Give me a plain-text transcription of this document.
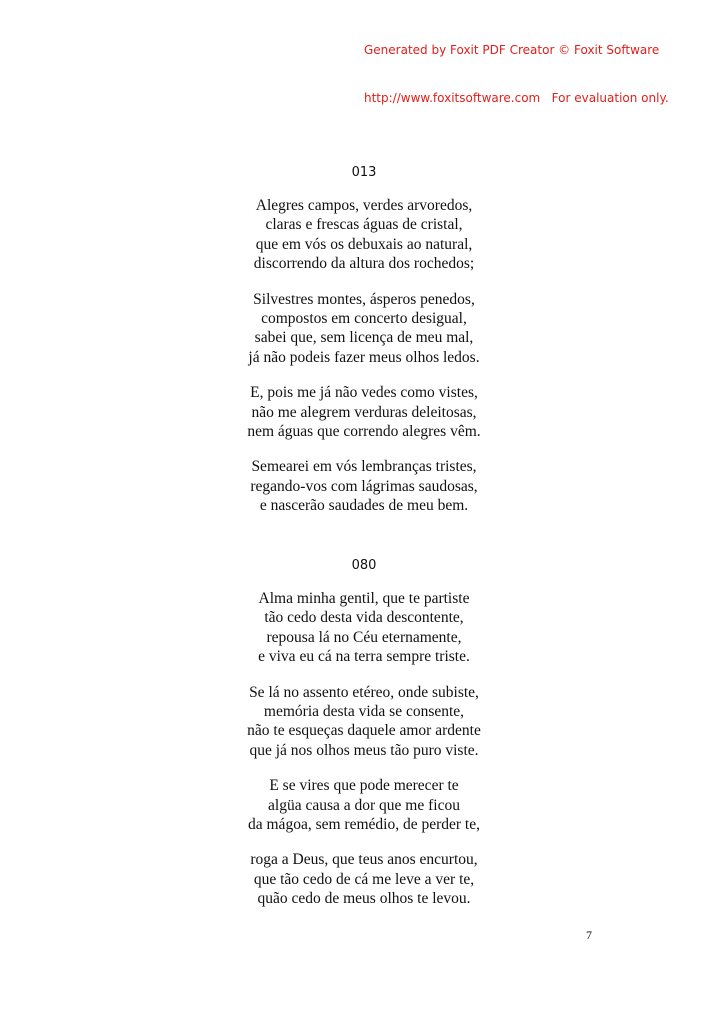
Generated by Foxit PDF Creator © Foxit Software

http://www.foxitsoftware.com   For evaluation only.

013
Alegres campos, verdes arvoredos,
claras e frescas águas de cristal,
que em vós os debuxais ao natural,
discorrendo da altura dos rochedos;
Silvestres montes, ásperos penedos,
compostos em concerto desigual,
sabei que, sem licença de meu mal,
já não podeis fazer meus olhos ledos.
E, pois me já não vedes como vistes,
não me alegrem verduras deleitosas,
nem águas que correndo alegres vêm.
Semearei em vós lembranças tristes,
regando-vos com lágrimas saudosas,
e nascerão saudades de meu bem.
080
Alma minha gentil, que te partiste
tão cedo desta vida descontente,
repousa lá no Céu eternamente,
e viva eu cá na terra sempre triste.
Se lá no assento etéreo, onde subiste,
memória desta vida se consente,
não te esqueças daquele amor ardente
que já nos olhos meus tão puro viste.
E se vires que pode merecer te
algüa causa a dor que me ficou
da mágoa, sem remédio, de perder te,
roga a Deus, que teus anos encurtou,
que tão cedo de cá me leve a ver te,
quão cedo de meus olhos te levou.
7
